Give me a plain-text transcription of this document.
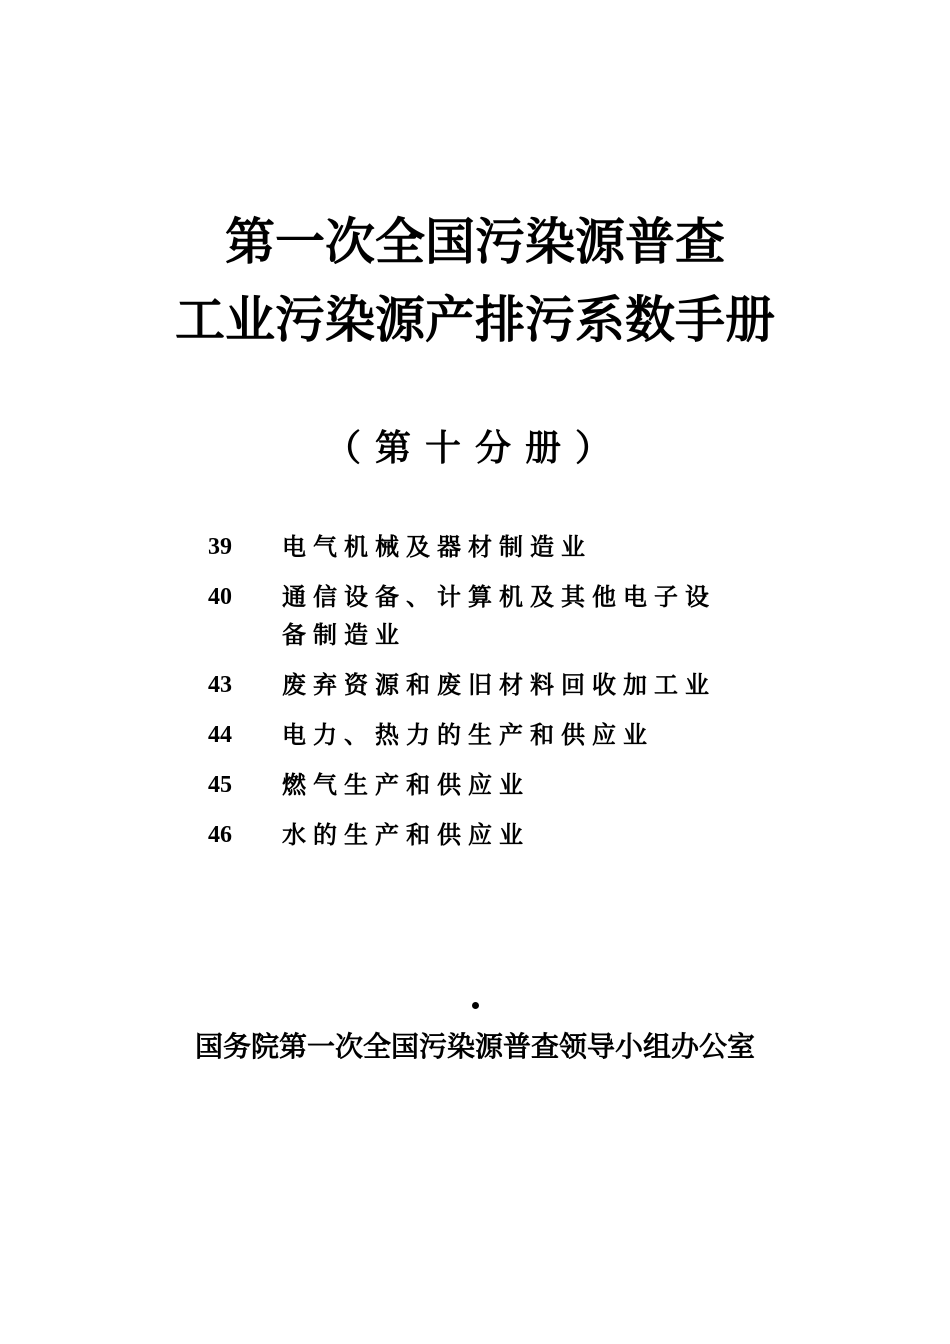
第一次全国污染源普查
工业污染源产排污系数手册
（第十分册）
39	电气机械及器材制造业
40	通信设备、计算机及其他电子设备制造业
43	废弃资源和废旧材料回收加工业
44	电力、热力的生产和供应业
45	燃气生产和供应业
46	水的生产和供应业
国务院第一次全国污染源普查领导小组办公室
